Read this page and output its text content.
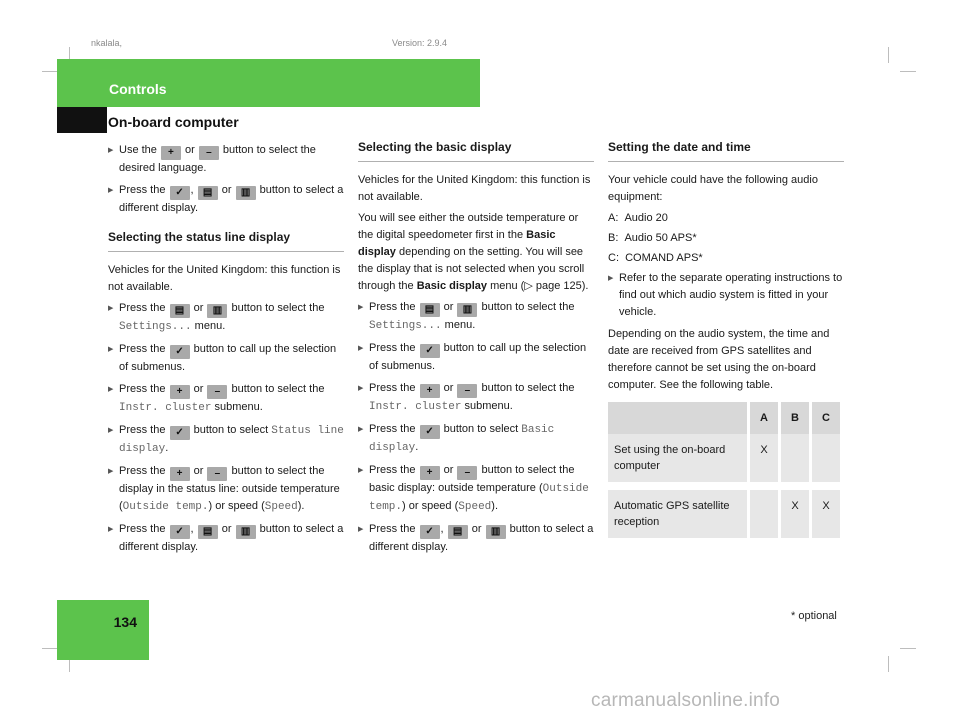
nkalala,	Version: 2.9.4
Controls
On-board computer

▶ Use the + or – button to select the desired language.

▶ Press the ✓ , ▤ or ▥ button to select a different display.

Selecting the status line display

Vehicles for the United Kingdom: this function is not available.

▶ Press the ▤ or ▥ button to select the Settings... menu.

▶ Press the ✓ button to call up the selection of submenus.

▶ Press the + or – button to select the Instr. cluster submenu.

▶ Press the ✓ button to select Status line display.

▶ Press the + or – button to select the display in the status line: outside temperature (Outside temp.) or speed (Speed).

▶ Press the ✓ , ▤ or ▥ button to select a different display.

Selecting the basic display

Vehicles for the United Kingdom: this function is not available.

You will see either the outside temperature or the digital speedometer first in the Basic display depending on the setting. You will see the display that is not selected when you scroll through the Basic display menu (▷ page 125).

▶ Press the ▤ or ▥ button to select the Settings... menu.

▶ Press the ✓ button to call up the selection of submenus.

▶ Press the + or – button to select the Instr. cluster submenu.

▶ Press the ✓ button to select Basic display.

▶ Press the + or – button to select the basic display: outside temperature (Outside temp.) or speed (Speed).

▶ Press the ✓ , ▤ or ▥ button to select a different display.

Setting the date and time

Your vehicle could have the following audio equipment:

A: Audio 20

B: Audio 50 APS*

C: COMAND APS*

▶ Refer to the separate operating instructions to find out which audio system is fitted in your vehicle.

Depending on the audio system, the time and date are received from GPS satellites and therefore cannot be set using the on-board computer. See the following table.

	A	B	C
Set using the on-board computer	X		
Automatic GPS satellite reception		X	X
134	* optional
carmanualsonline.info
